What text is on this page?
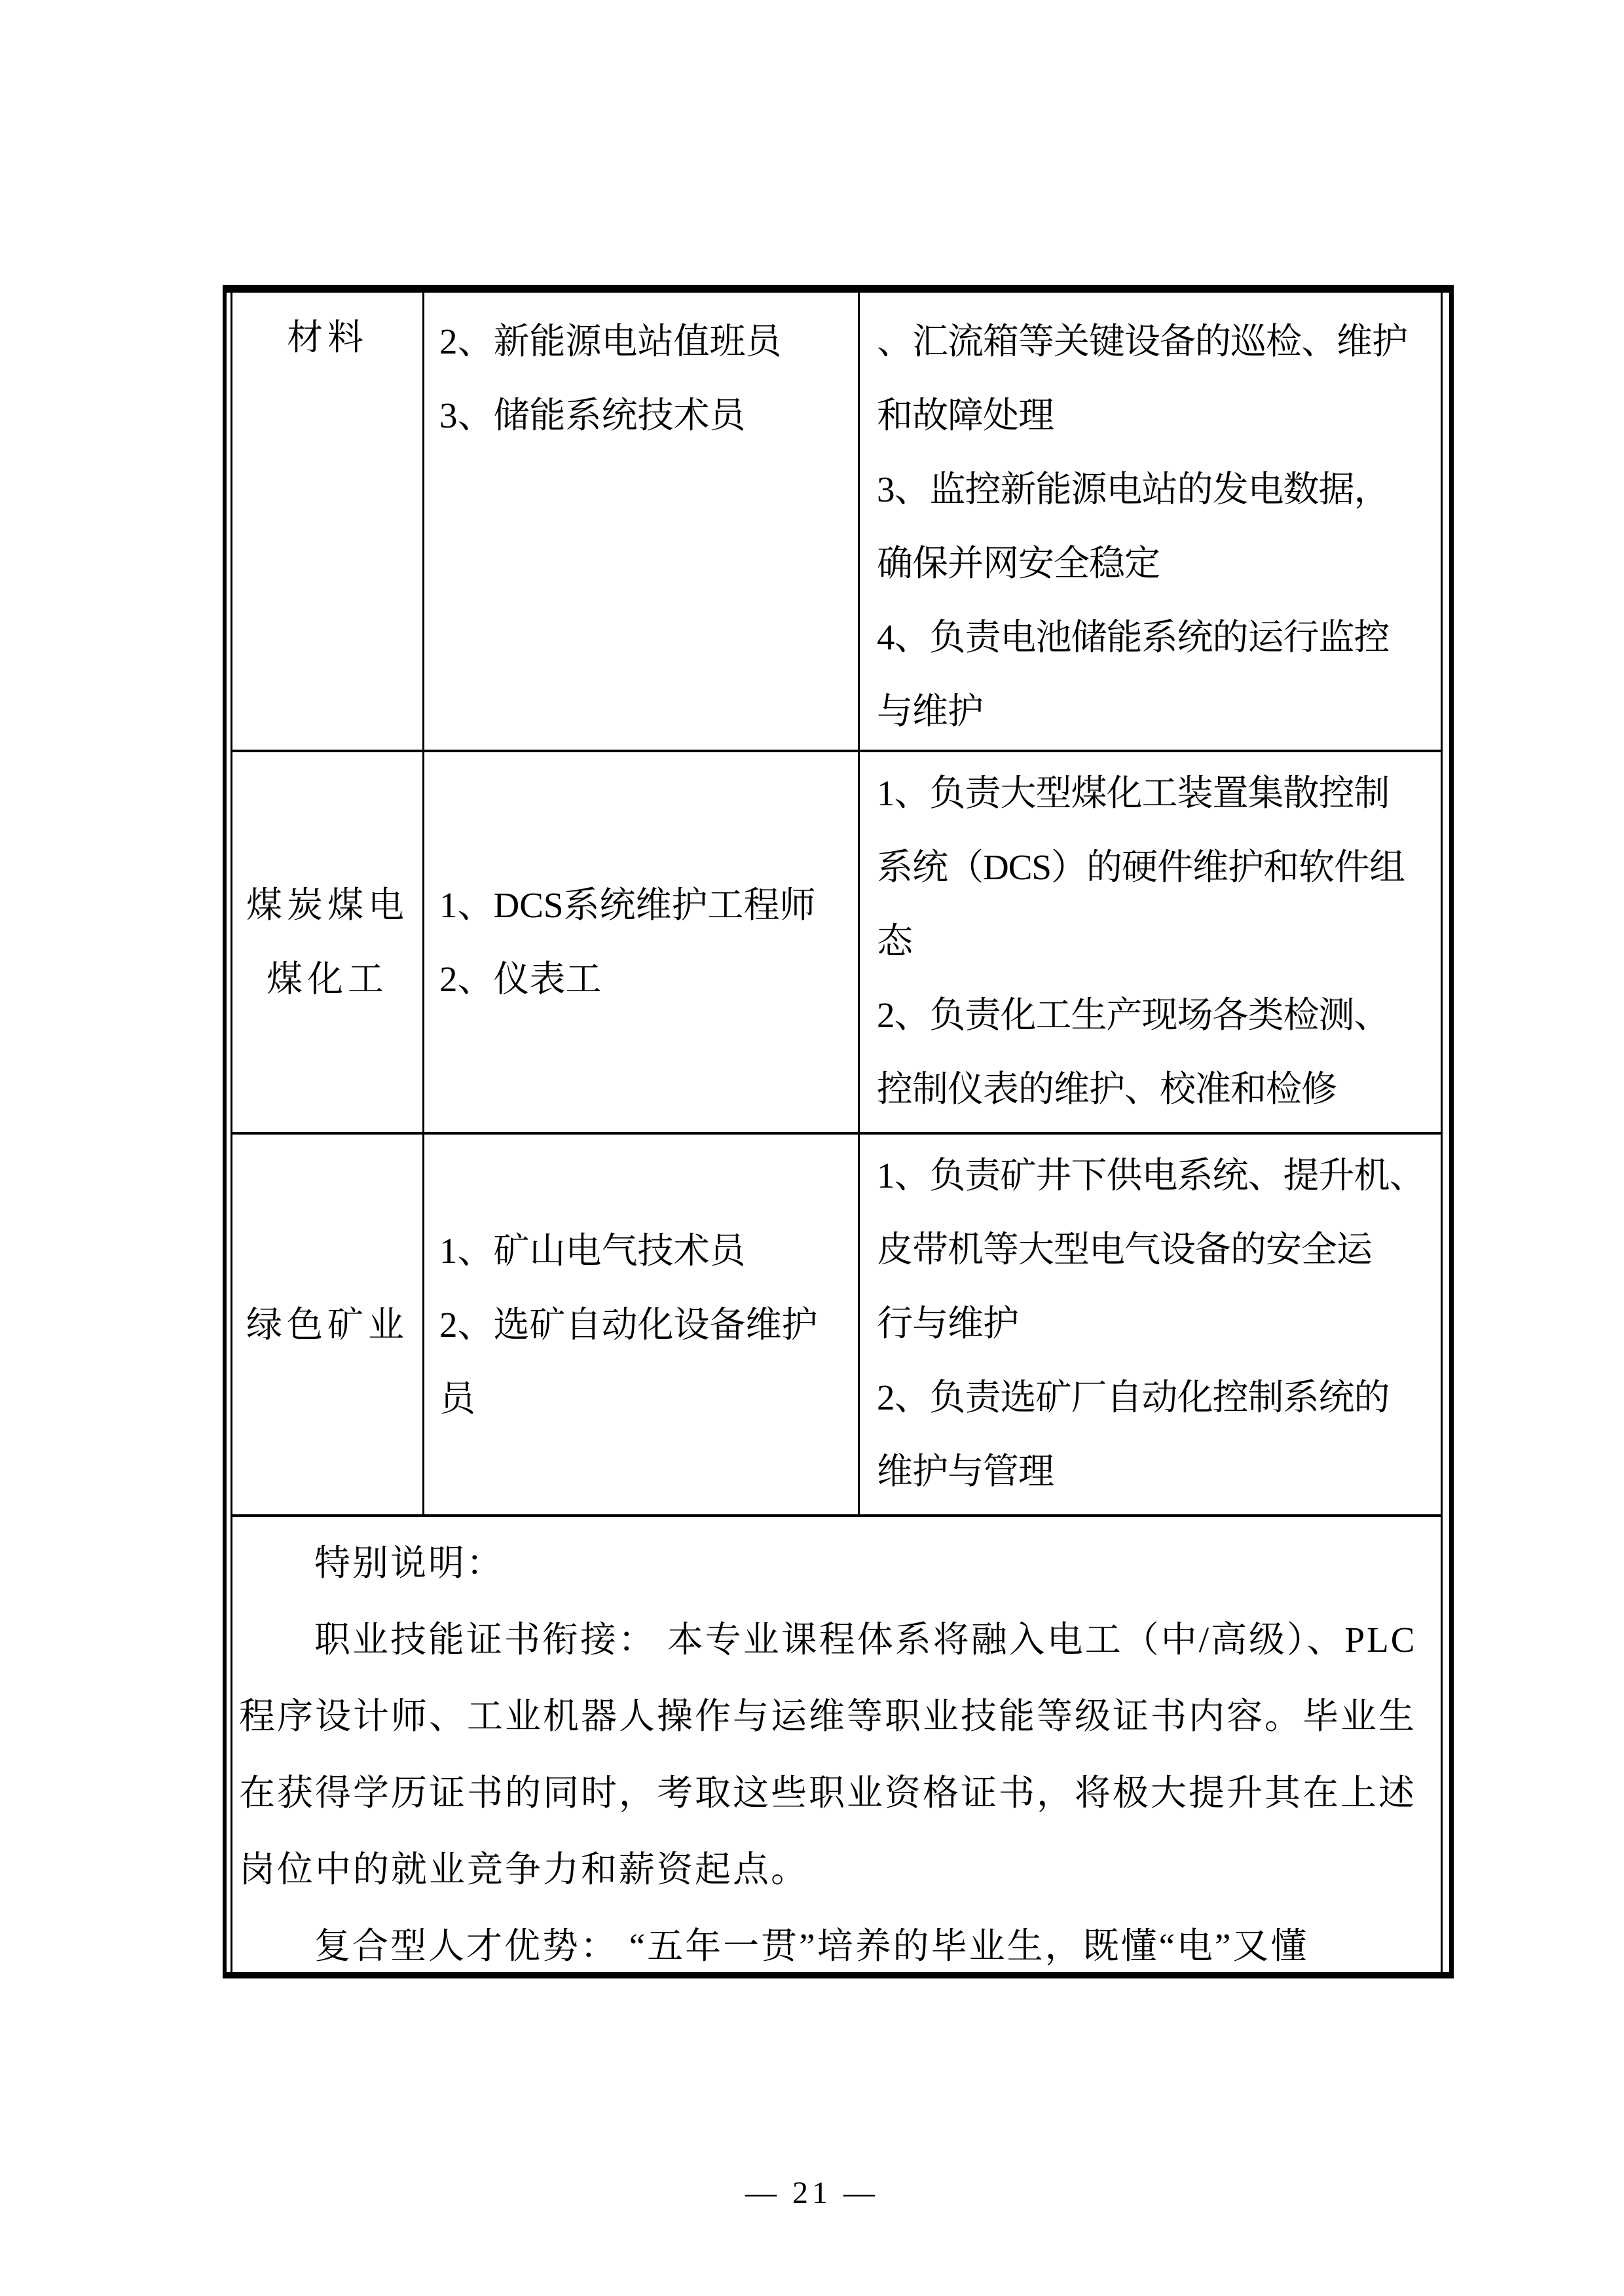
材料 2、新能源电站值班员
3、储能系统技术员
、汇流箱等关键设备的巡检、维护
和故障处理
3、监控新能源电站的发电数据，
确保并网安全稳定
4、负责电池储能系统的运行监控
与维护
煤炭煤电
煤化工
1、DCS系统维护工程师
2、仪表工
1、负责大型煤化工装置集散控制
系统（DCS）的硬件维护和软件组
态
2、负责化工生产现场各类检测、
控制仪表的维护、校准和检修
绿色矿业
1、矿山电气技术员
2、选矿自动化设备维护
员
1、负责矿井下供电系统、提升机、
皮带机等大型电气设备的安全运
行与维护
2、负责选矿厂自动化控制系统的
维护与管理
特别说明：
职业技能证书衔接： 本专业课程体系将融入电工（中/高级）、PLC
程序设计师、工业机器人操作与运维等职业技能等级证书内容。毕业生
在获得学历证书的同时，考取这些职业资格证书，将极大提升其在上述
岗位中的就业竞争力和薪资起点。
复合型人才优势： “五年一贯”培养的毕业生，既懂“电”又懂
— 21 —
